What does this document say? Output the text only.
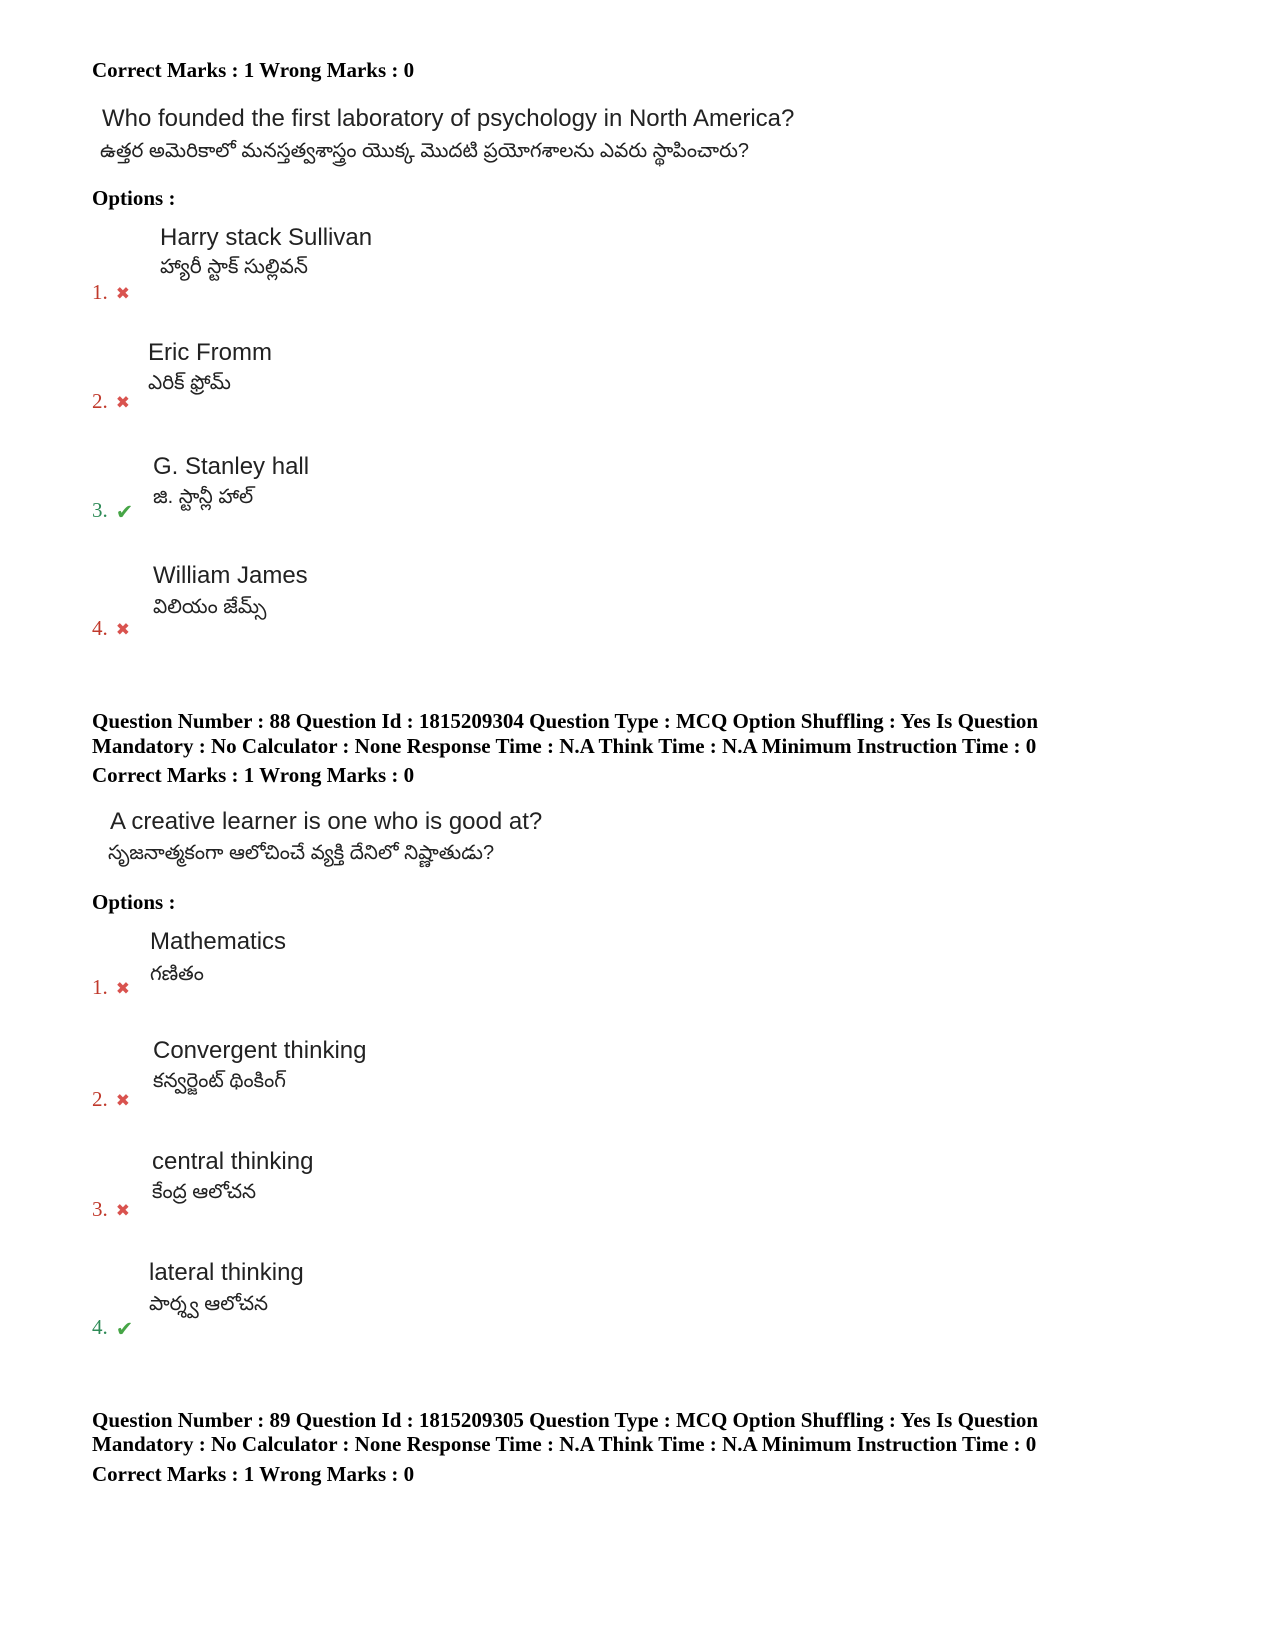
Correct Marks : 1 Wrong Marks : 0
Who founded the first laboratory of psychology in North America?
ఉత్తర అమెరికాలో మనస్తత్వశాస్త్రం యొక్క మొదటి ప్రయోగశాలను ఎవరు స్థాపించారు?
Options :
Harry stack Sullivan
హ్యారీ స్టాక్ సుల్లివన్
1. ✖
Eric Fromm
ఎరిక్ ఫ్రోమ్
2. ✖
G. Stanley hall
జి. స్టాన్లీ హాల్
3. ✔
William James
విలియం జేమ్స్
4. ✖
Question Number : 88 Question Id : 1815209304 Question Type : MCQ Option Shuffling : Yes Is Question
Mandatory : No Calculator : None Response Time : N.A Think Time : N.A Minimum Instruction Time : 0
Correct Marks : 1 Wrong Marks : 0
A creative learner is one who is good at?
సృజనాత్మకంగా ఆలోచించే వ్యక్తి దేనిలో నిష్ణాతుడు?
Options :
Mathematics
గణితం
1. ✖
Convergent thinking
కన్వర్జెంట్ థింకింగ్
2. ✖
central thinking
కేంద్ర ఆలోచన
3. ✖
lateral thinking
పార్శ్వ ఆలోచన
4. ✔
Question Number : 89 Question Id : 1815209305 Question Type : MCQ Option Shuffling : Yes Is Question
Mandatory : No Calculator : None Response Time : N.A Think Time : N.A Minimum Instruction Time : 0
Correct Marks : 1 Wrong Marks : 0
